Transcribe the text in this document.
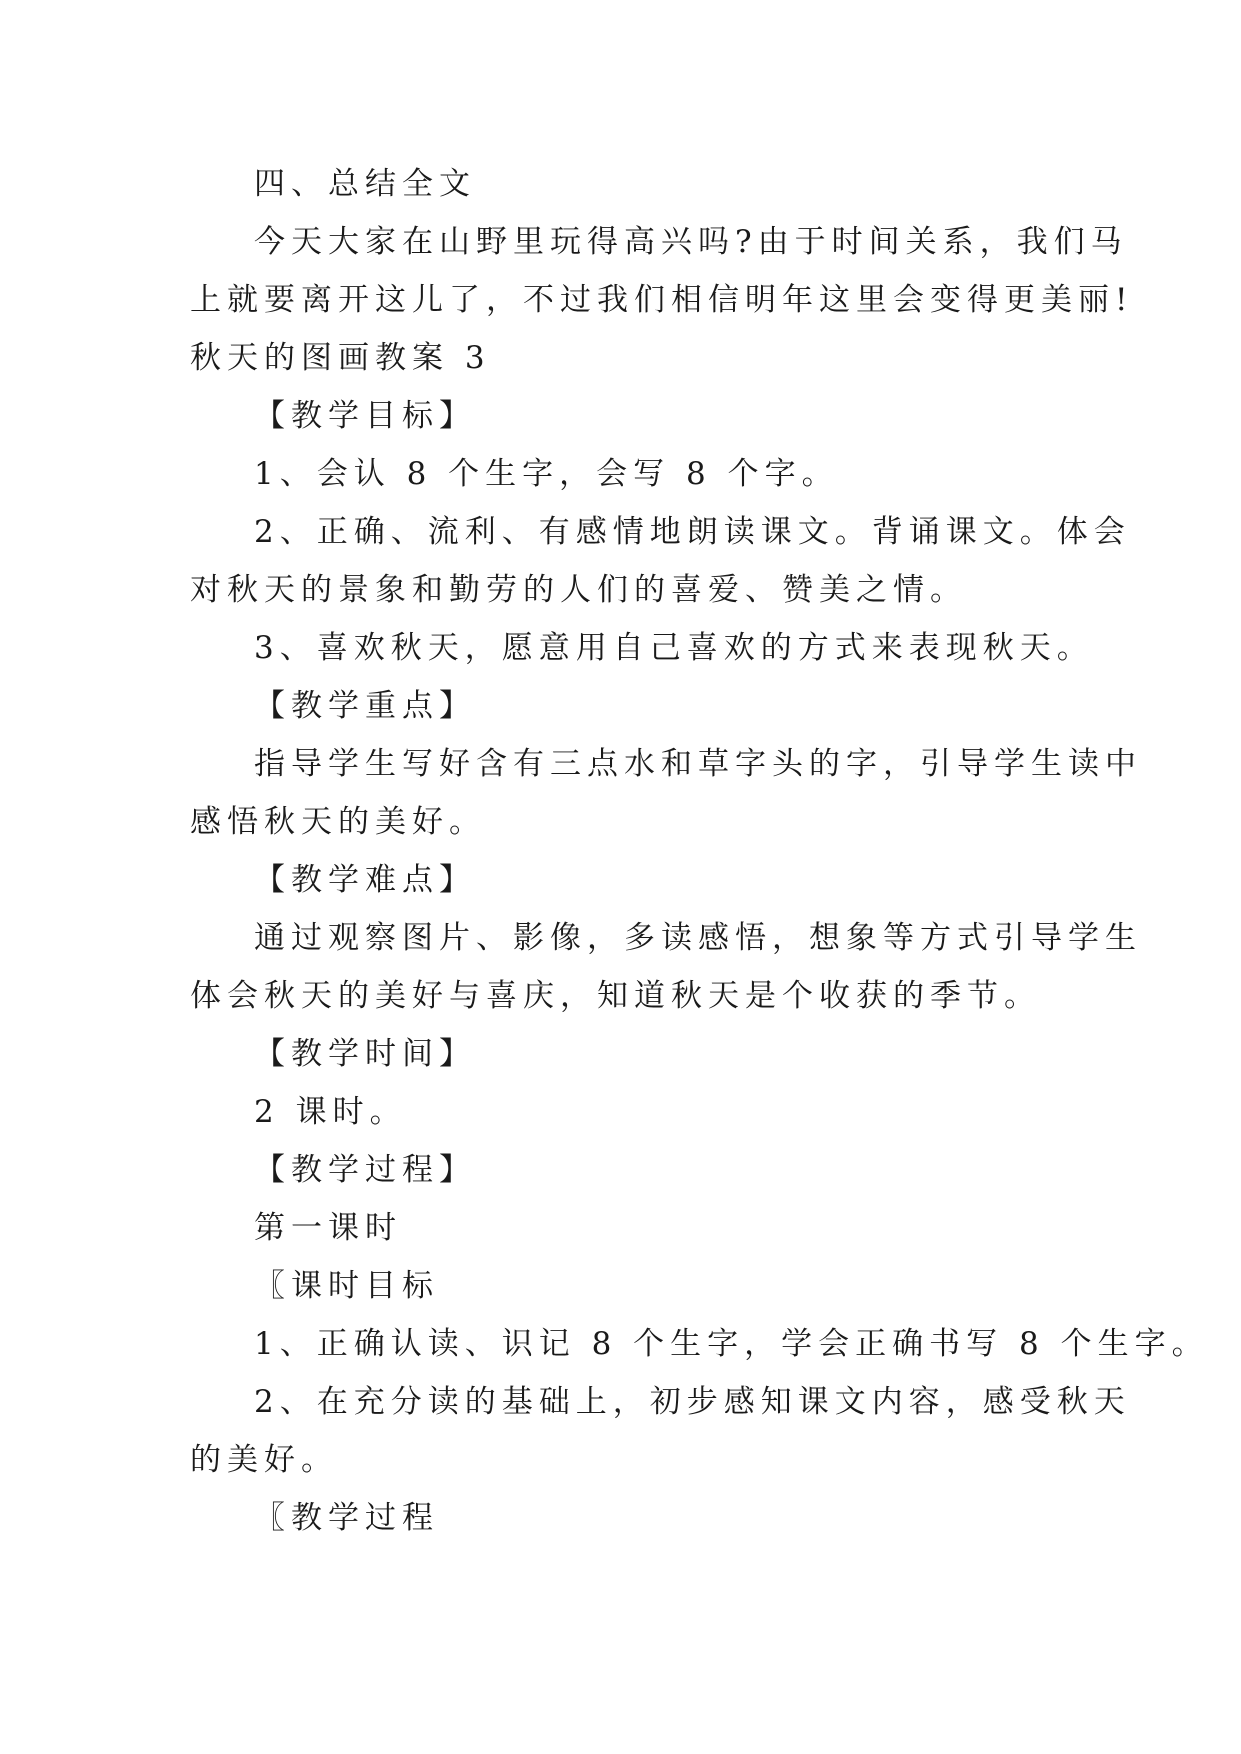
四、总结全文
今天大家在山野里玩得高兴吗?由于时间关系，我们马
上就要离开这儿了，不过我们相信明年这里会变得更美丽!
秋天的图画教案 3
【教学目标】
1、会认 8 个生字，会写 8 个字。
2、正确、流利、有感情地朗读课文。背诵课文。体会
对秋天的景象和勤劳的人们的喜爱、赞美之情。
3、喜欢秋天，愿意用自己喜欢的方式来表现秋天。
【教学重点】
指导学生写好含有三点水和草字头的字，引导学生读中
感悟秋天的美好。
【教学难点】
通过观察图片、影像，多读感悟，想象等方式引导学生
体会秋天的美好与喜庆，知道秋天是个收获的季节。
【教学时间】
2 课时。
【教学过程】
第一课时
〖课时目标
1、正确认读、识记 8 个生字，学会正确书写 8 个生字。
2、在充分读的基础上，初步感知课文内容，感受秋天
的美好。
〖教学过程
